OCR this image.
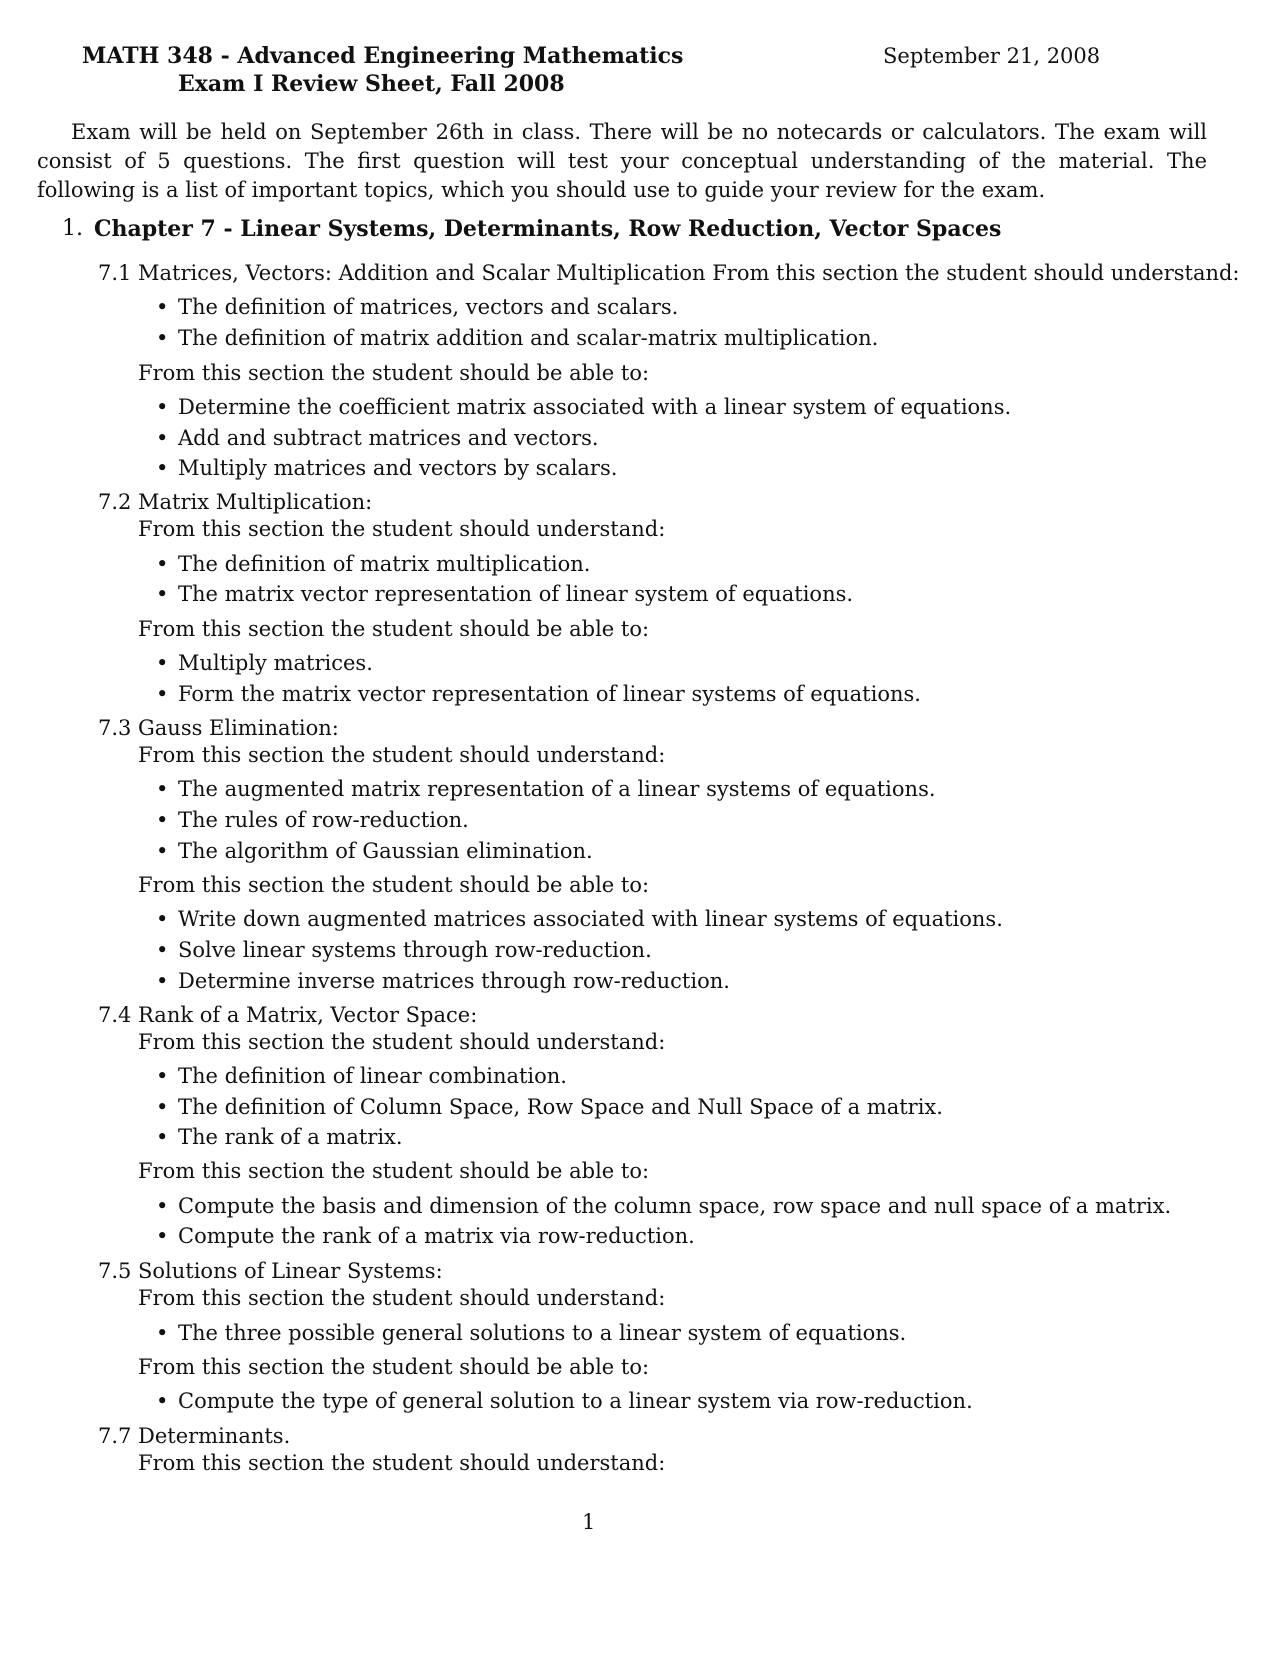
MATH 348 - Advanced Engineering Mathematics
Exam I Review Sheet, Fall 2008
September 21, 2008

Exam will be held on September 26th in class. There will be no notecards or calculators. The exam will consist of 5 questions. The first question will test your conceptual understanding of the material. The following is a list of important topics, which you should use to guide your review for the exam.

1. Chapter 7 - Linear Systems, Determinants, Row Reduction, Vector Spaces
7.1 Matrices, Vectors: Addition and Scalar Multiplication From this section the student should understand:
• The definition of matrices, vectors and scalars.
• The definition of matrix addition and scalar-matrix multiplication.
From this section the student should be able to:
• Determine the coefficient matrix associated with a linear system of equations.
• Add and subtract matrices and vectors.
• Multiply matrices and vectors by scalars.
7.2 Matrix Multiplication:
From this section the student should understand:
• The definition of matrix multiplication.
• The matrix vector representation of linear system of equations.
From this section the student should be able to:
• Multiply matrices.
• Form the matrix vector representation of linear systems of equations.
7.3 Gauss Elimination:
From this section the student should understand:
• The augmented matrix representation of a linear systems of equations.
• The rules of row-reduction.
• The algorithm of Gaussian elimination.
From this section the student should be able to:
• Write down augmented matrices associated with linear systems of equations.
• Solve linear systems through row-reduction.
• Determine inverse matrices through row-reduction.
7.4 Rank of a Matrix, Vector Space:
From this section the student should understand:
• The definition of linear combination.
• The definition of Column Space, Row Space and Null Space of a matrix.
• The rank of a matrix.
From this section the student should be able to:
• Compute the basis and dimension of the column space, row space and null space of a matrix.
• Compute the rank of a matrix via row-reduction.
7.5 Solutions of Linear Systems:
From this section the student should understand:
• The three possible general solutions to a linear system of equations.
From this section the student should be able to:
• Compute the type of general solution to a linear system via row-reduction.
7.7 Determinants.
From this section the student should understand:
1
